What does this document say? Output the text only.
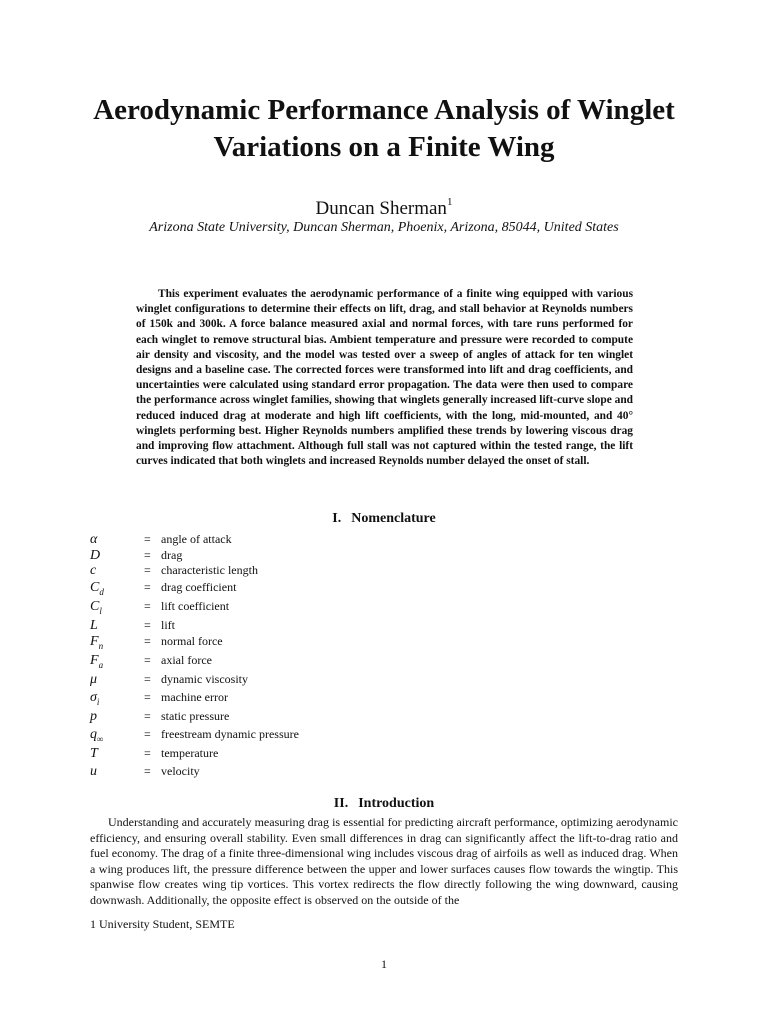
Aerodynamic Performance Analysis of Winglet Variations on a Finite Wing
Duncan Sherman$^1$
Arizona State University, Duncan Sherman, Phoenix, Arizona, 85044, United States

This experiment evaluates the aerodynamic performance of a finite wing equipped with various winglet configurations to determine their effects on lift, drag, and stall behavior at Reynolds numbers of 150k and 300k. A force balance measured axial and normal forces, with tare runs performed for each winglet to remove structural bias. Ambient temperature and pressure were recorded to compute air density and viscosity, and the model was tested over a sweep of angles of attack for ten winglet designs and a baseline case. The corrected forces were transformed into lift and drag coefficients, and uncertainties were calculated using standard error propagation. The data were then used to compare the performance across winglet families, showing that winglets generally increased lift-curve slope and reduced induced drag at moderate and high lift coefficients, with the long, mid-mounted, and 40° winglets performing best. Higher Reynolds numbers amplified these trends by lowering viscous drag and improving flow attachment. Although full stall was not captured within the tested range, the lift curves indicated that both winglets and increased Reynolds number delayed the onset of stall.

I. Nomenclature
α	= angle of attack
D	= drag
c	= characteristic length
$C_d$	= drag coefficient
$C_l$	= lift coefficient
L	= lift
$F_n$	= normal force
$F_a$	= axial force
μ	= dynamic viscosity
$\sigma_i$	= machine error
p	= static pressure
$q_\infty$	= freestream dynamic pressure
T	= temperature
u	= velocity
II. Introduction

Understanding and accurately measuring drag is essential for predicting aircraft performance, optimizing aerodynamic efficiency, and ensuring overall stability. Even small differences in drag can significantly affect the lift-to-drag ratio and fuel economy. The drag of a finite three-dimensional wing includes viscous drag of airfoils as well as induced drag. When a wing produces lift, the pressure difference between the upper and lower surfaces causes flow towards the wingtip. This spanwise flow creates wing tip vortices. This vortex redirects the flow directly following the wing downward, causing downwash. Additionally, the opposite effect is observed on the outside of the

1 University Student, SEMTE
1
